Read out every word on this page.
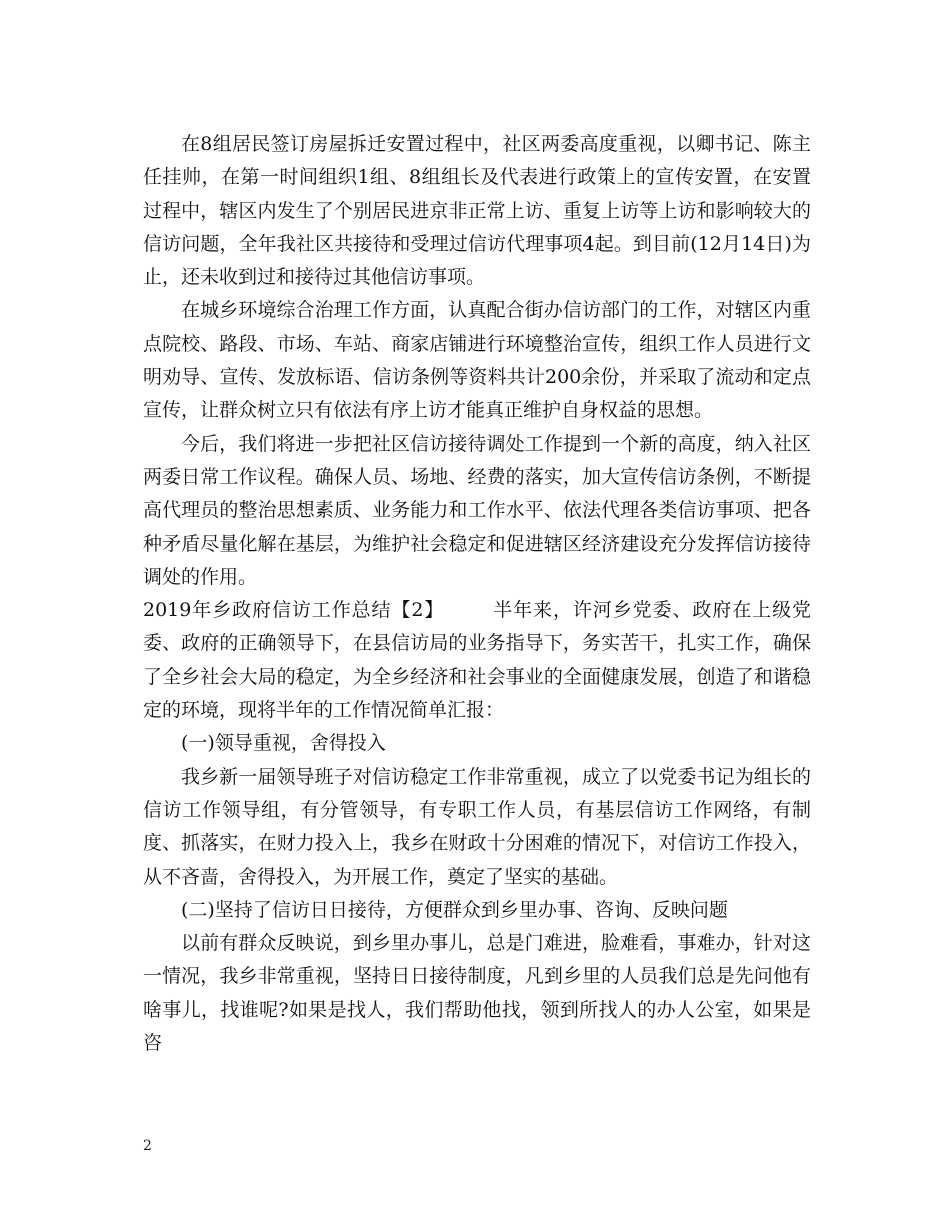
在8组居民签订房屋拆迁安置过程中，社区两委高度重视，以卿书记、陈主任挂帅，在第一时间组织1组、8组组长及代表进行政策上的宣传安置，在安置过程中，辖区内发生了个别居民进京非正常上访、重复上访等上访和影响较大的信访问题，全年我社区共接待和受理过信访代理事项4起。到目前(12月14日)为止，还未收到过和接待过其他信访事项。

在城乡环境综合治理工作方面，认真配合街办信访部门的工作，对辖区内重点院校、路段、市场、车站、商家店铺进行环境整治宣传，组织工作人员进行文明劝导、宣传、发放标语、信访条例等资料共计200余份，并采取了流动和定点宣传，让群众树立只有依法有序上访才能真正维护自身权益的思想。

今后，我们将进一步把社区信访接待调处工作提到一个新的高度，纳入社区两委日常工作议程。确保人员、场地、经费的落实，加大宣传信访条例，不断提高代理员的整治思想素质、业务能力和工作水平、依法代理各类信访事项、把各种矛盾尽量化解在基层，为维护社会稳定和促进辖区经济建设充分发挥信访接待调处的作用。

2019年乡政府信访工作总结【2】	半年来，许河乡党委、政府在上级党委、政府的正确领导下，在县信访局的业务指导下，务实苦干，扎实工作，确保了全乡社会大局的稳定，为全乡经济和社会事业的全面健康发展，创造了和谐稳定的环境，现将半年的工作情况简单汇报：

(一)领导重视，舍得投入

我乡新一届领导班子对信访稳定工作非常重视，成立了以党委书记为组长的信访工作领导组，有分管领导，有专职工作人员，有基层信访工作网络，有制度、抓落实，在财力投入上，我乡在财政十分困难的情况下，对信访工作投入，从不吝啬，舍得投入，为开展工作，奠定了坚实的基础。

(二)坚持了信访日日接待，方便群众到乡里办事、咨询、反映问题

以前有群众反映说，到乡里办事儿，总是门难进，脸难看，事难办，针对这一情况，我乡非常重视，坚持日日接待制度，凡到乡里的人员我们总是先问他有啥事儿，找谁呢?如果是找人，我们帮助他找，领到所找人的办人公室，如果是咨

2
